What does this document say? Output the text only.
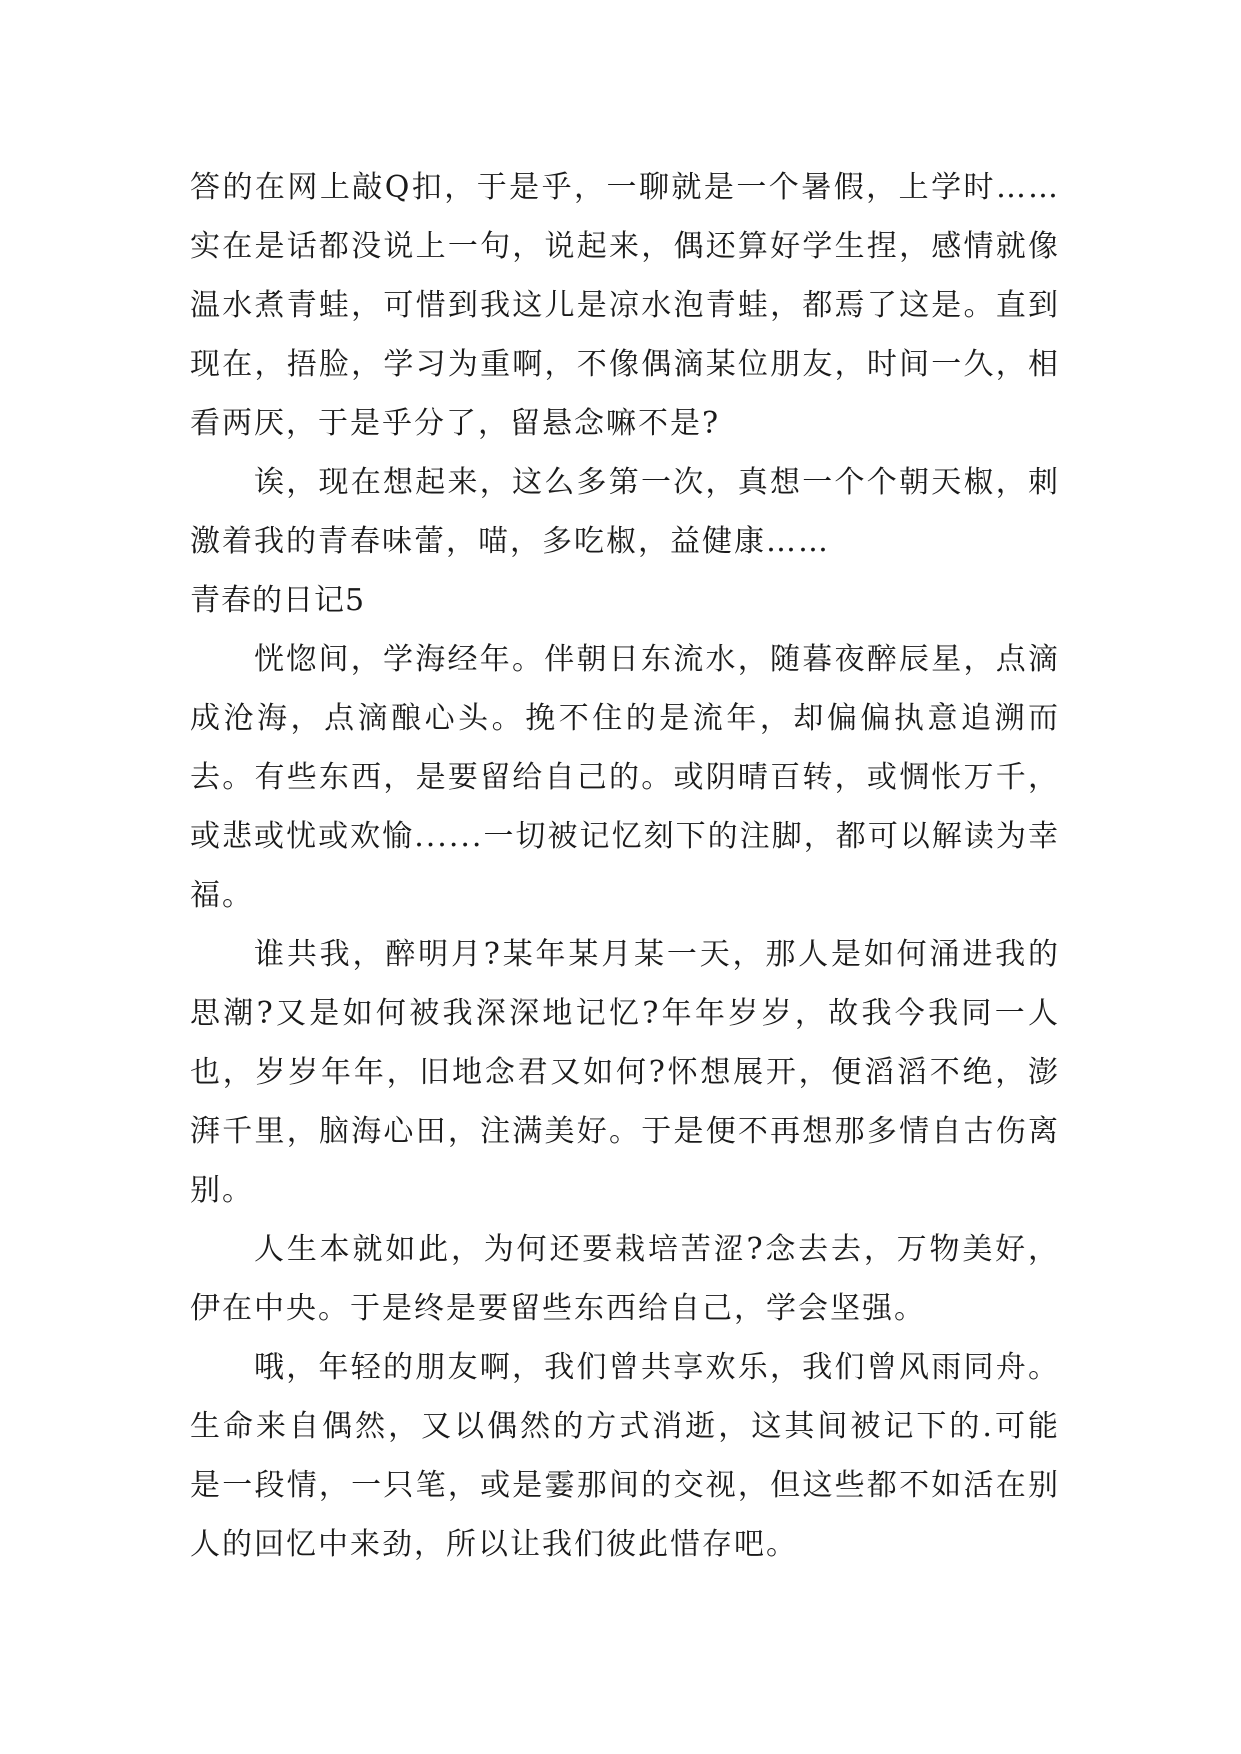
答的在网上敲Q扣，于是乎，一聊就是一个暑假，上学时……实在是话都没说上一句，说起来，偶还算好学生捏，感情就像温水煮青蛙，可惜到我这儿是凉水泡青蛙，都焉了这是。直到现在，捂脸，学习为重啊，不像偶滴某位朋友，时间一久，相看两厌，于是乎分了，留悬念嘛不是?

诶，现在想起来，这么多第一次，真想一个个朝天椒，刺激着我的青春味蕾，喵，多吃椒，益健康……

青春的日记5

恍惚间，学海经年。伴朝日东流水，随暮夜醉辰星，点滴成沧海，点滴酿心头。挽不住的是流年，却偏偏执意追溯而去。有些东西，是要留给自己的。或阴晴百转，或惆怅万千，或悲或忧或欢愉......一切被记忆刻下的注脚，都可以解读为幸福。

谁共我，醉明月?某年某月某一天，那人是如何涌进我的思潮?又是如何被我深深地记忆?年年岁岁，故我今我同一人也，岁岁年年，旧地念君又如何?怀想展开，便滔滔不绝，澎湃千里，脑海心田，注满美好。于是便不再想那多情自古伤离别。

人生本就如此，为何还要栽培苦涩?念去去，万物美好，伊在中央。于是终是要留些东西给自己，学会坚强。

哦，年轻的朋友啊，我们曾共享欢乐，我们曾风雨同舟。生命来自偶然，又以偶然的方式消逝，这其间被记下的.可能是一段情，一只笔，或是霎那间的交视，但这些都不如活在别人的回忆中来劲，所以让我们彼此惜存吧。
